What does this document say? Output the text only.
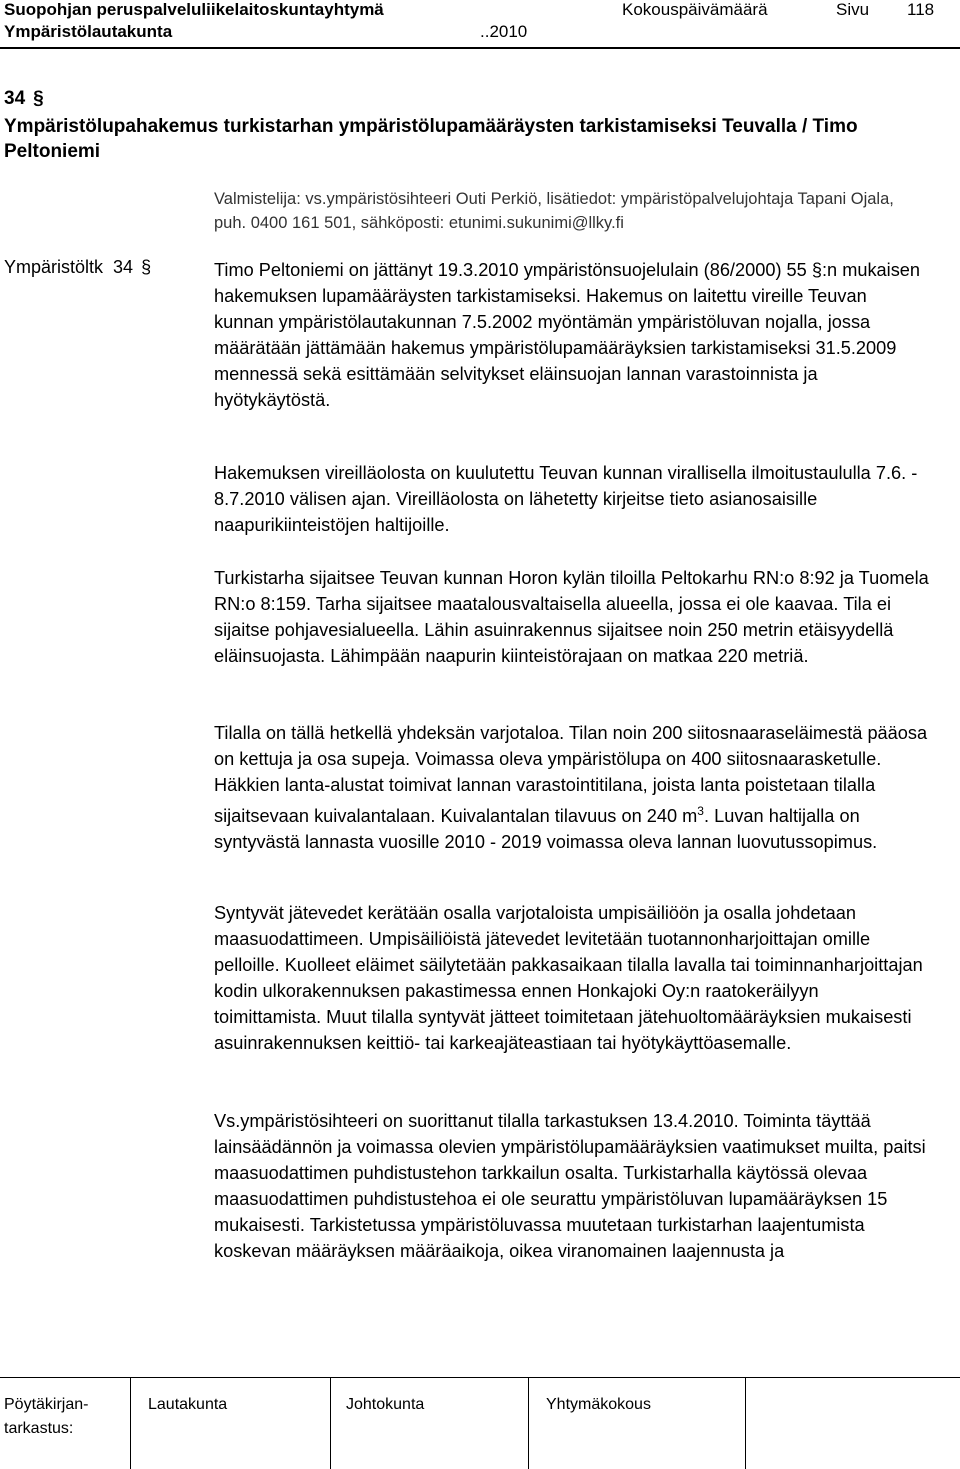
Suopohjan peruspalveluliikelaitoskuntayhtymä	Kokouspäivämäärä	Sivu 118
Ympäristölautakunta	..2010
34 §
Ympäristölupahakemus turkistarhan ympäristölupamääräysten tarkistamiseksi Teuvalla / Timo Peltoniemi
Valmistelija: vs.ympäristösihteeri Outi Perkiö, lisätiedot: ympäristöpalvelujohtaja Tapani Ojala, puh. 0400 161 501, sähköposti: etunimi.sukunimi@llky.fi
Ympäristöltk 34 §	Timo Peltoniemi on jättänyt 19.3.2010 ympäristönsuojelulain (86/2000) 55 §:n mukaisen hakemuksen lupamääräysten tarkistamiseksi. Hakemus on laitettu vireille Teuvan kunnan ympäristölautakunnan 7.5.2002 myöntämän ympäristöluvan nojalla, jossa määrätään jättämään hakemus ympäristölupamääräyksien tarkistamiseksi 31.5.2009 mennessä sekä esittämään selvitykset eläinsuojan lannan varastoinnista ja hyötykäytöstä.

Hakemuksen vireilläolosta on kuulutettu Teuvan kunnan virallisella ilmoitustaululla 7.6. - 8.7.2010 välisen ajan. Vireilläolosta on lähetetty kirjeitse tieto asianosaisille naapurikiinteistöjen haltijoille.

Turkistarha sijaitsee Teuvan kunnan Horon kylän tiloilla Peltokarhu RN:o 8:92 ja Tuomela RN:o 8:159. Tarha sijaitsee maatalousvaltaisella alueella, jossa ei ole kaavaa. Tila ei sijaitse pohjavesialueella. Lähin asuinrakennus sijaitsee noin 250 metrin etäisyydellä eläinsuojasta. Lähimpään naapurin kiinteistörajaan on matkaa 220 metriä.

Tilalla on tällä hetkellä yhdeksän varjotaloa. Tilan noin 200 siitosnaaraseläimestä pääosa on kettuja ja osa supeja. Voimassa oleva ympäristölupa on 400 siitosnaarasketulle. Häkkien lanta-alustat toimivat lannan varastointitilana, joista lanta poistetaan tilalla sijaitsevaan kuivalantalaan. Kuivalantalan tilavuus on 240 $m^3$. Luvan haltijalla on syntyvästä lannasta vuosille 2010 - 2019 voimassa oleva lannan luovutussopimus.

Syntyvät jätevedet kerätään osalla varjotaloista umpisäiliöön ja osalla johdetaan maasuodattimeen. Umpisäiliöistä jätevedet levitetään tuotannonharjoittajan omille pelloille. Kuolleet eläimet säilytetään pakkasaikaan tilalla lavalla tai toiminnanharjoittajan kodin ulkorakennuksen pakastimessa ennen Honkajoki Oy:n raatokeräilyyn toimittamista. Muut tilalla syntyvät jätteet toimitetaan jätehuoltomääräyksien mukaisesti asuinrakennuksen keittiö- tai karkeajäteastiaan tai hyötykäyttöasemalle.

Vs.ympäristösihteeri on suorittanut tilalla tarkastuksen 13.4.2010. Toiminta täyttää lainsäädännön ja voimassa olevien ympäristölupamääräyksien vaatimukset muilta, paitsi maasuodattimen puhdistustehon tarkkailun osalta. Turkistarhalla käytössä olevaa maasuodattimen puhdistustehoa ei ole seurattu ympäristöluvan lupamääräyksen 15 mukaisesti. Tarkistetussa ympäristöluvassa muutetaan turkistarhan laajentumista koskevan määräyksen määräaikoja, oikea viranomainen laajennusta ja

Pöytäkirjan-
tarkastus:
Lautakunta	Johtokunta	Yhtymäkokous
